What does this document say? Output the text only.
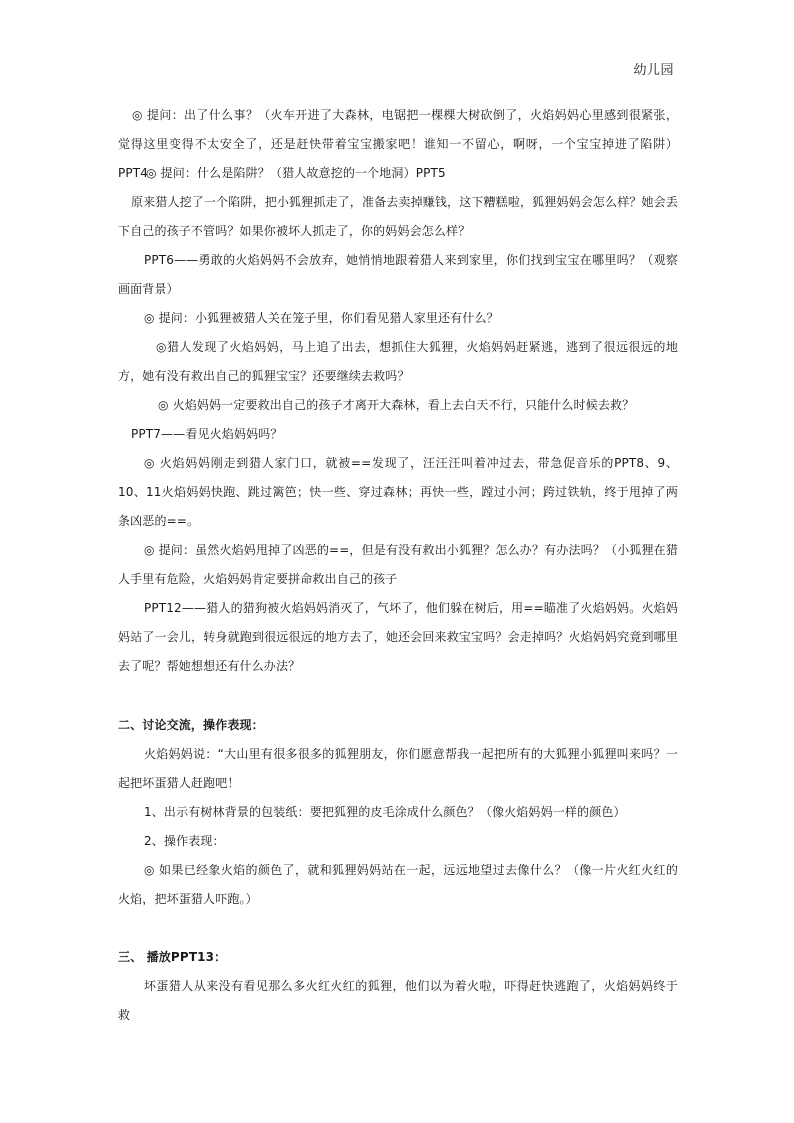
幼儿园

◎ 提问：出了什么事？（火车开进了大森林，电锯把一棵棵大树砍倒了，火焰妈妈心里感到很紧张，觉得这里变得不太安全了，还是赶快带着宝宝搬家吧！谁知一不留心，啊呀，一个宝宝掉进了陷阱）PPT4

◎ 提问：什么是陷阱？（猎人故意挖的一个地洞）PPT5

原来猎人挖了一个陷阱，把小狐狸抓走了，准备去卖掉赚钱，这下糟糕啦，狐狸妈妈会怎么样？她会丢下自己的孩子不管吗？如果你被坏人抓走了，你的妈妈会怎么样？

PPT6——勇敢的火焰妈妈不会放弃，她悄悄地跟着猎人来到家里，你们找到宝宝在哪里吗？（观察画面背景）

◎ 提问：小狐狸被猎人关在笼子里，你们看见猎人家里还有什么？

◎猎人发现了火焰妈妈，马上追了出去，想抓住大狐狸，火焰妈妈赶紧逃，逃到了很远很远的地方，她有没有救出自己的狐狸宝宝？还要继续去救吗？

◎ 火焰妈妈一定要救出自己的孩子才离开大森林，看上去白天不行，只能什么时候去救？

PPT7——看见火焰妈妈吗？

◎ 火焰妈妈刚走到猎人家门口，就被==发现了，汪汪汪叫着冲过去，带急促音乐的PPT8、9、10、11火焰妈妈快跑、跳过篱笆；快一些、穿过森林；再快一些，蹚过小河；跨过铁轨，终于甩掉了两条凶恶的==。

◎ 提问：虽然火焰妈甩掉了凶恶的==，但是有没有救出小狐狸？怎么办？有办法吗？（小狐狸在猎人手里有危险，火焰妈妈肯定要拼命救出自己的孩子

PPT12——猎人的猎狗被火焰妈妈消灭了，气坏了，他们躲在树后，用==瞄准了火焰妈妈。火焰妈妈站了一会儿，转身就跑到很远很远的地方去了，她还会回来救宝宝吗？会走掉吗？火焰妈妈究竟到哪里去了呢？帮她想想还有什么办法？

二、讨论交流，操作表现：

火焰妈妈说：“大山里有很多很多的狐狸朋友，你们愿意帮我一起把所有的大狐狸小狐狸叫来吗？一起把坏蛋猎人赶跑吧！

1、出示有树林背景的包装纸：要把狐狸的皮毛涂成什么颜色？（像火焰妈妈一样的颜色）

2、操作表现：

◎ 如果已经象火焰的颜色了，就和狐狸妈妈站在一起，远远地望过去像什么？（像一片火红火红的火焰，把坏蛋猎人吓跑。）

三、 播放PPT13：

坏蛋猎人从来没有看见那么多火红火红的狐狸，他们以为着火啦，吓得赶快逃跑了，火焰妈妈终于救
